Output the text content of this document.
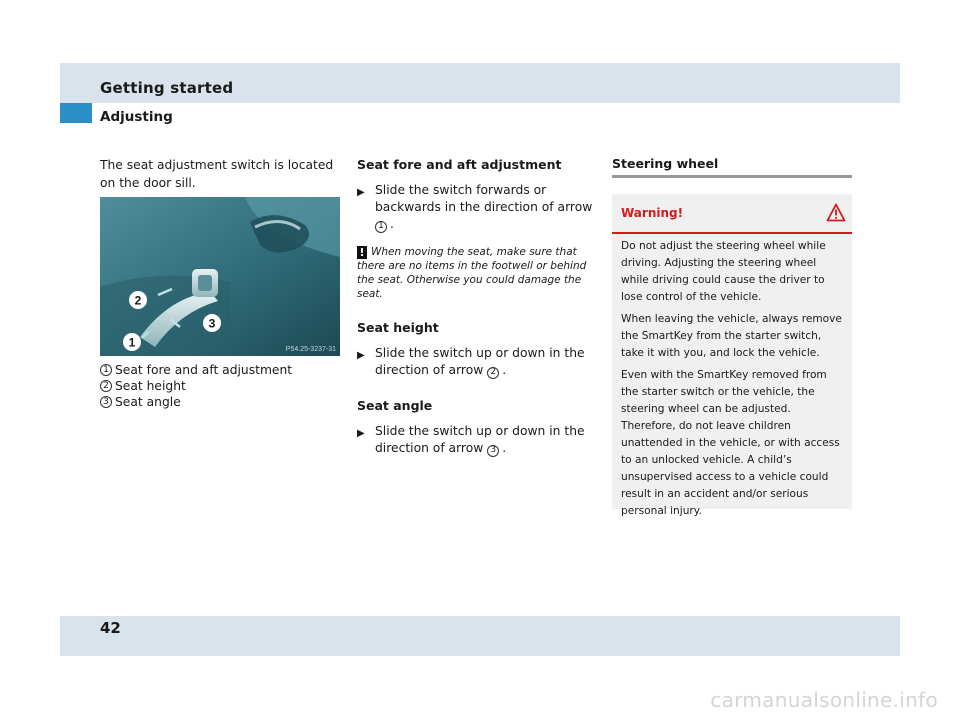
Getting started
Adjusting
The seat adjustment switch is located on the door sill.
2
3
1	P54.25-3237-31
1 Seat fore and aft adjustment
2 Seat height
3 Seat angle
Seat fore and aft adjustment
▶ Slide the switch forwards or backwards in the direction of arrow 1 .
! When moving the seat, make sure that there are no items in the footwell or behind the seat. Otherwise you could damage the seat.
Seat height
▶ Slide the switch up or down in the direction of arrow 2 .
Seat angle
▶ Slide the switch up or down in the direction of arrow 3 .
Steering wheel
Warning!

Do not adjust the steering wheel while driving. Adjusting the steering wheel while driving could cause the driver to lose control of the vehicle.

When leaving the vehicle, always remove the SmartKey from the starter switch, take it with you, and lock the vehicle.

Even with the SmartKey removed from the starter switch or the vehicle, the steering wheel can be adjusted. Therefore, do not leave children unattended in the vehicle, or with access to an unlocked vehicle. A child’s unsupervised access to a vehicle could result in an accident and/or serious personal injury.

42
carmanualsonline.info
